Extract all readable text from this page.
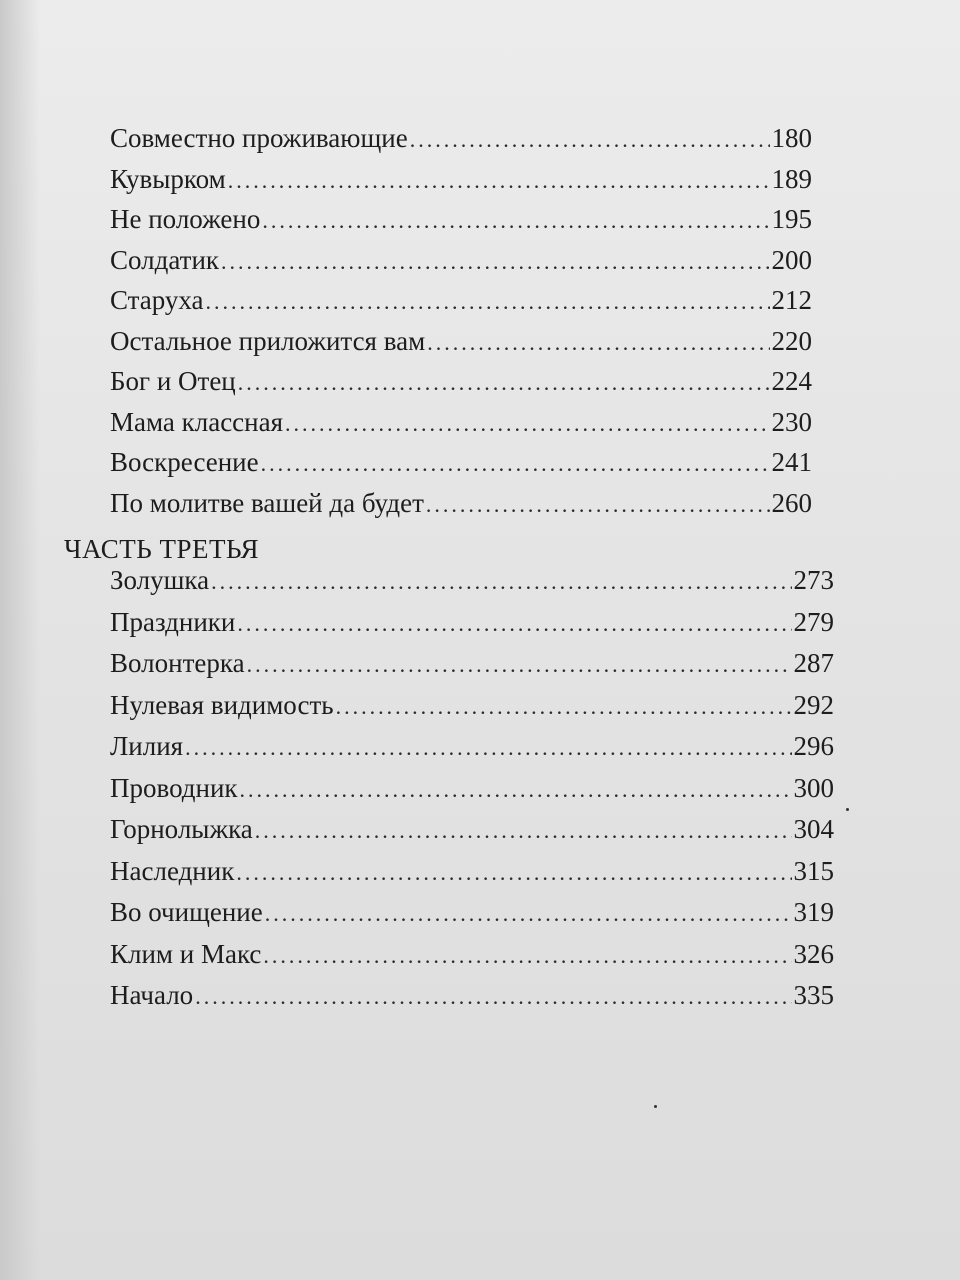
Совместно проживающие .....	180
Кувырком .....	189
Не положено .....	195
Солдатик .....	200
Старуха .....	212
Остальное приложится вам .....	220
Бог и Отец .....	224
Мама классная .....	230
Воскресение .....	241
По молитве вашей да будет .....	260
ЧАСТЬ ТРЕТЬЯ
Золушка .....	273
Праздники .....	279
Волонтерка .....	287
Нулевая видимость .....	292
Лилия .....	296
Проводник .....	300
Горнолыжка .....	304
Наследник .....	315
Во очищение .....	319
Клим и Макс .....	326
Начало .....	335
